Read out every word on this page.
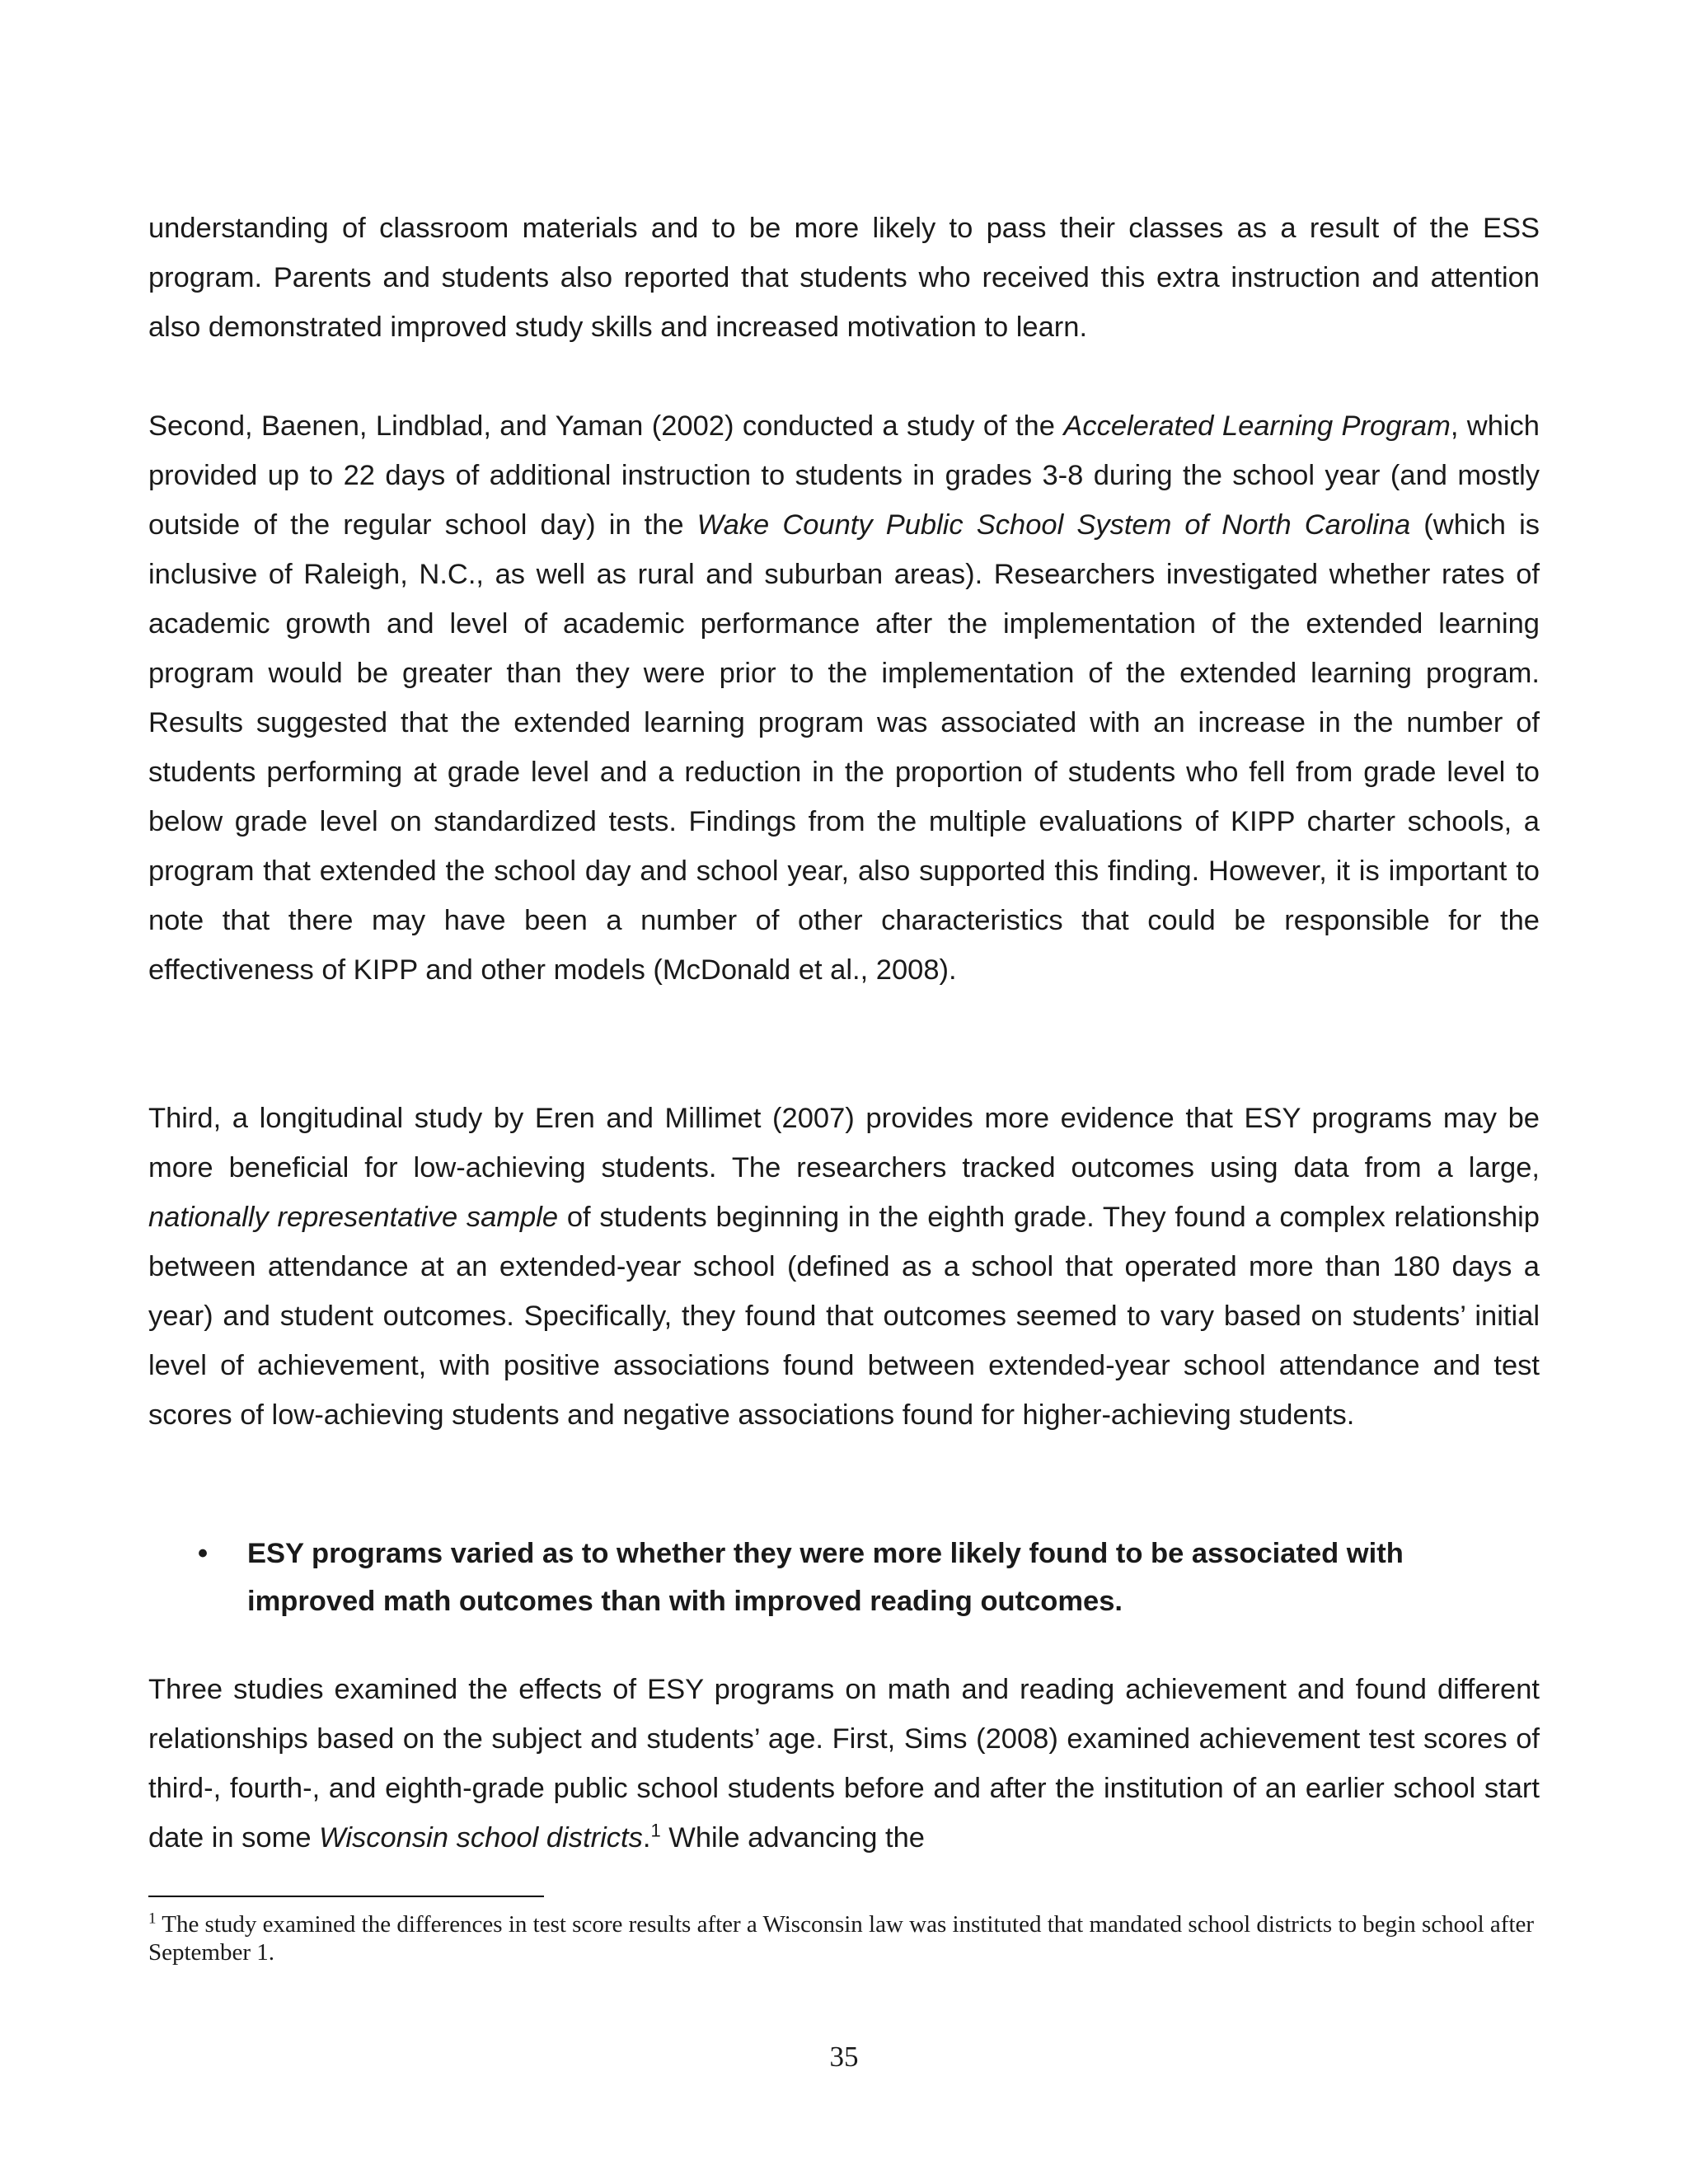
understanding of classroom materials and to be more likely to pass their classes as a result of the ESS program. Parents and students also reported that students who received this extra instruction and attention also demonstrated improved study skills and increased motivation to learn.

Second, Baenen, Lindblad, and Yaman (2002) conducted a study of the Accelerated Learning Program, which provided up to 22 days of additional instruction to students in grades 3-8 during the school year (and mostly outside of the regular school day) in the Wake County Public School System of North Carolina (which is inclusive of Raleigh, N.C., as well as rural and suburban areas). Researchers investigated whether rates of academic growth and level of academic performance after the implementation of the extended learning program would be greater than they were prior to the implementation of the extended learning program. Results suggested that the extended learning program was associated with an increase in the number of students performing at grade level and a reduction in the proportion of students who fell from grade level to below grade level on standardized tests. Findings from the multiple evaluations of KIPP charter schools, a program that extended the school day and school year, also supported this finding. However, it is important to note that there may have been a number of other characteristics that could be responsible for the effectiveness of KIPP and other models (McDonald et al., 2008).

Third, a longitudinal study by Eren and Millimet (2007) provides more evidence that ESY programs may be more beneficial for low-achieving students. The researchers tracked outcomes using data from a large, nationally representative sample of students beginning in the eighth grade. They found a complex relationship between attendance at an extended-year school (defined as a school that operated more than 180 days a year) and student outcomes. Specifically, they found that outcomes seemed to vary based on students’ initial level of achievement, with positive associations found between extended-year school attendance and test scores of low-achieving students and negative associations found for higher-achieving students.

• ESY programs varied as to whether they were more likely found to be associated with improved math outcomes than with improved reading outcomes.

Three studies examined the effects of ESY programs on math and reading achievement and found different relationships based on the subject and students’ age. First, Sims (2008) examined achievement test scores of third-, fourth-, and eighth-grade public school students before and after the institution of an earlier school start date in some Wisconsin school districts.$^1$ While advancing the

$^1$ The study examined the differences in test score results after a Wisconsin law was instituted that mandated school districts to begin school after September 1.

35
